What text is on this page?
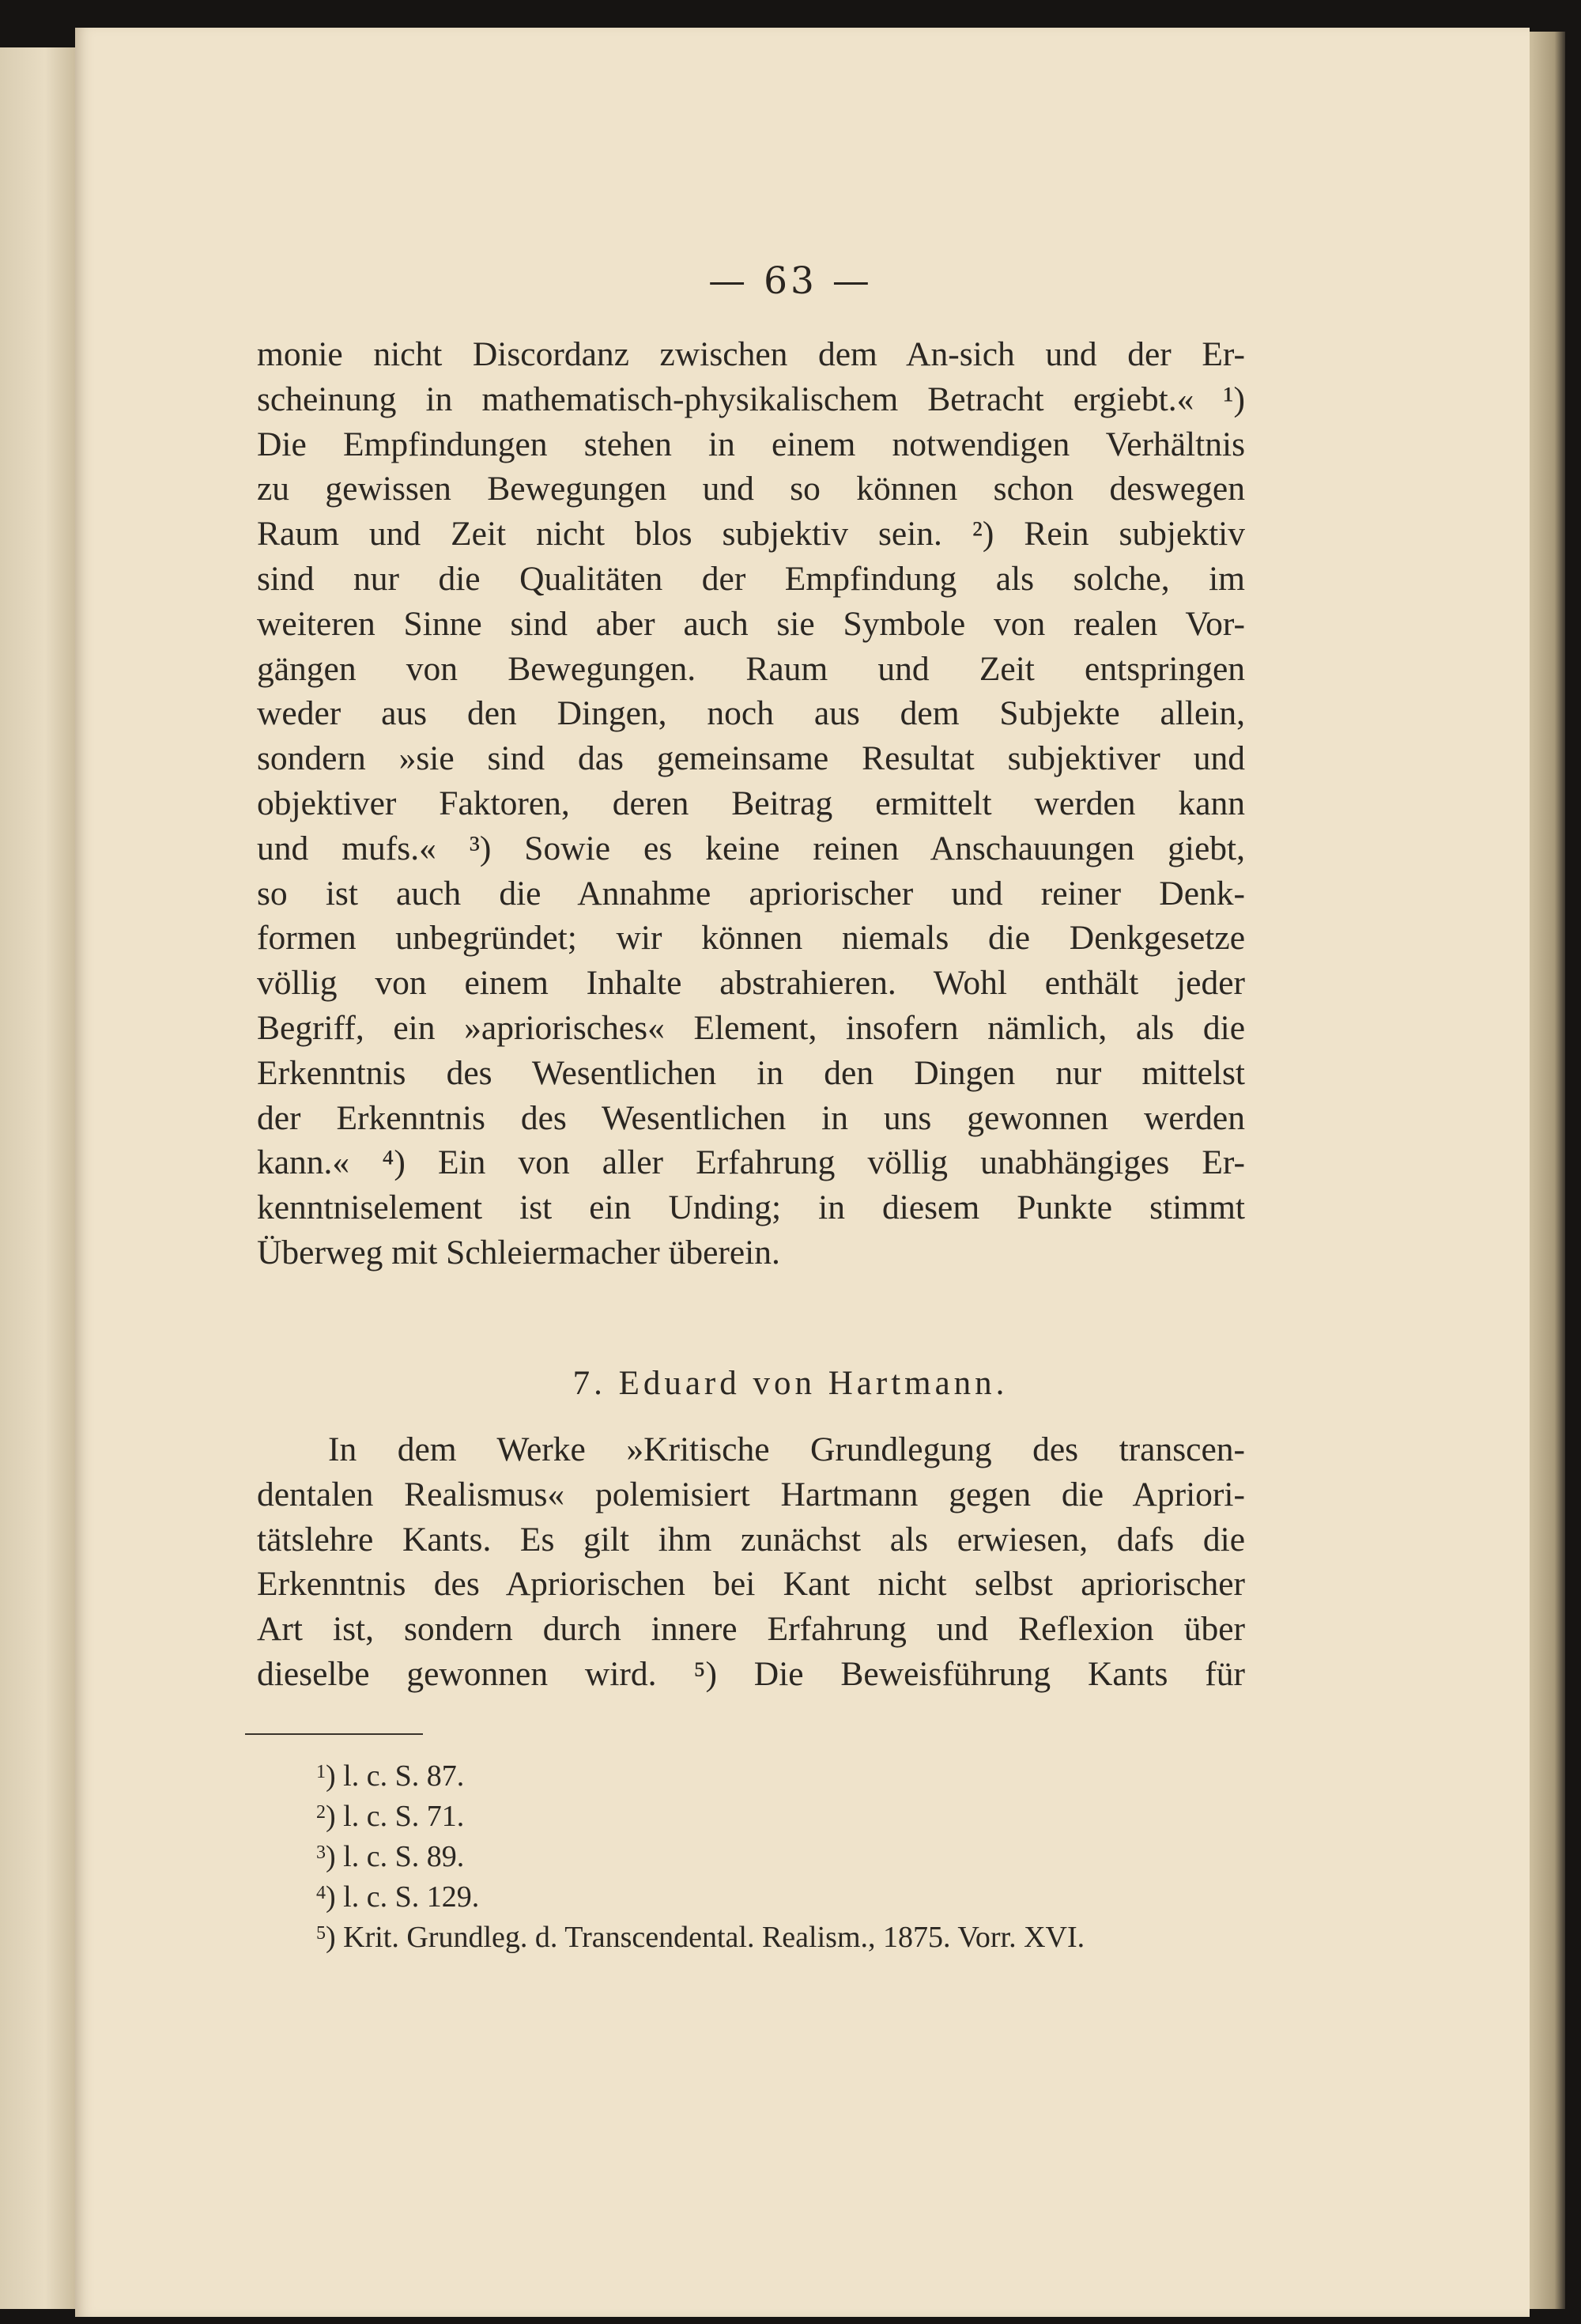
— 63 —
monie nicht Discordanz zwischen dem An-sich und der Er-
scheinung in mathematisch-physikalischem Betracht ergiebt.« ¹)
Die Empfindungen stehen in einem notwendigen Verhältnis
zu gewissen Bewegungen und so können schon deswegen
Raum und Zeit nicht blos subjektiv sein. ²) Rein subjektiv
sind nur die Qualitäten der Empfindung als solche, im
weiteren Sinne sind aber auch sie Symbole von realen Vor-
gängen von Bewegungen. Raum und Zeit entspringen
weder aus den Dingen, noch aus dem Subjekte allein,
sondern »sie sind das gemeinsame Resultat subjektiver und
objektiver Faktoren, deren Beitrag ermittelt werden kann
und mufs.« ³) Sowie es keine reinen Anschauungen giebt,
so ist auch die Annahme apriorischer und reiner Denk-
formen unbegründet; wir können niemals die Denkgesetze
völlig von einem Inhalte abstrahieren. Wohl enthält jeder
Begriff, ein »apriorisches« Element, insofern nämlich, als die
Erkenntnis des Wesentlichen in den Dingen nur mittelst
der Erkenntnis des Wesentlichen in uns gewonnen werden
kann.« ⁴) Ein von aller Erfahrung völlig unabhängiges Er-
kenntniselement ist ein Unding; in diesem Punkte stimmt
Überweg mit Schleiermacher überein.
7. Eduard von Hartmann.
In dem Werke »Kritische Grundlegung des transcen-
dentalen Realismus« polemisiert Hartmann gegen die Apriori-
tätslehre Kants. Es gilt ihm zunächst als erwiesen, dafs die
Erkenntnis des Apriorischen bei Kant nicht selbst apriorischer
Art ist, sondern durch innere Erfahrung und Reflexion über
dieselbe gewonnen wird. ⁵) Die Beweisführung Kants für
$^1$) l. c. S. 87.
$^2$) l. c. S. 71.
$^3$) l. c. S. 89.
$^4$) l. c. S. 129.
$^5$) Krit. Grundleg. d. Transcendental. Realism., 1875. Vorr. XVI.
